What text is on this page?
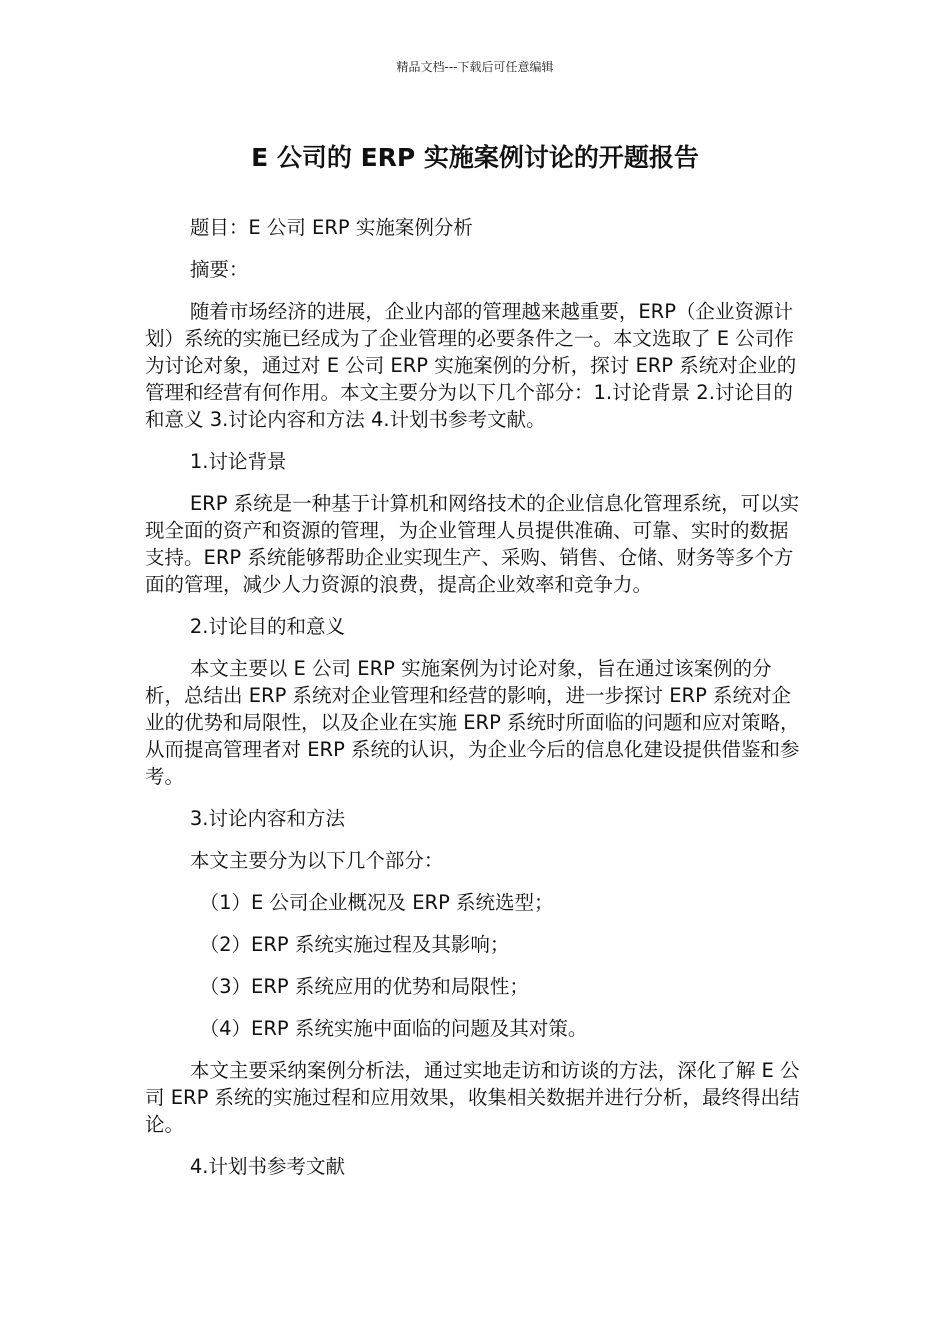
精品文档---下载后可任意编辑
E 公司的 ERP 实施案例讨论的开题报告

题目：E 公司 ERP 实施案例分析

摘要：

随着市场经济的进展，企业内部的管理越来越重要，ERP（企业资源计划）系统的实施已经成为了企业管理的必要条件之一。本文选取了 E 公司作为讨论对象，通过对 E 公司 ERP 实施案例的分析，探讨 ERP 系统对企业的管理和经营有何作用。本文主要分为以下几个部分：1.讨论背景 2.讨论目的和意义 3.讨论内容和方法 4.计划书参考文献。

1.讨论背景

ERP 系统是一种基于计算机和网络技术的企业信息化管理系统，可以实现全面的资产和资源的管理，为企业管理人员提供准确、可靠、实时的数据支持。ERP 系统能够帮助企业实现生产、采购、销售、仓储、财务等多个方面的管理，减少人力资源的浪费，提高企业效率和竞争力。

2.讨论目的和意义

本文主要以 E 公司 ERP 实施案例为讨论对象，旨在通过该案例的分析，总结出 ERP 系统对企业管理和经营的影响，进一步探讨 ERP 系统对企业的优势和局限性，以及企业在实施 ERP 系统时所面临的问题和应对策略，从而提高管理者对 ERP 系统的认识，为企业今后的信息化建设提供借鉴和参考。

3.讨论内容和方法

本文主要分为以下几个部分：

（1）E 公司企业概况及 ERP 系统选型；

（2）ERP 系统实施过程及其影响；

（3）ERP 系统应用的优势和局限性；

（4）ERP 系统实施中面临的问题及其对策。

本文主要采纳案例分析法，通过实地走访和访谈的方法，深化了解 E 公司 ERP 系统的实施过程和应用效果，收集相关数据并进行分析，最终得出结论。

4.计划书参考文献
